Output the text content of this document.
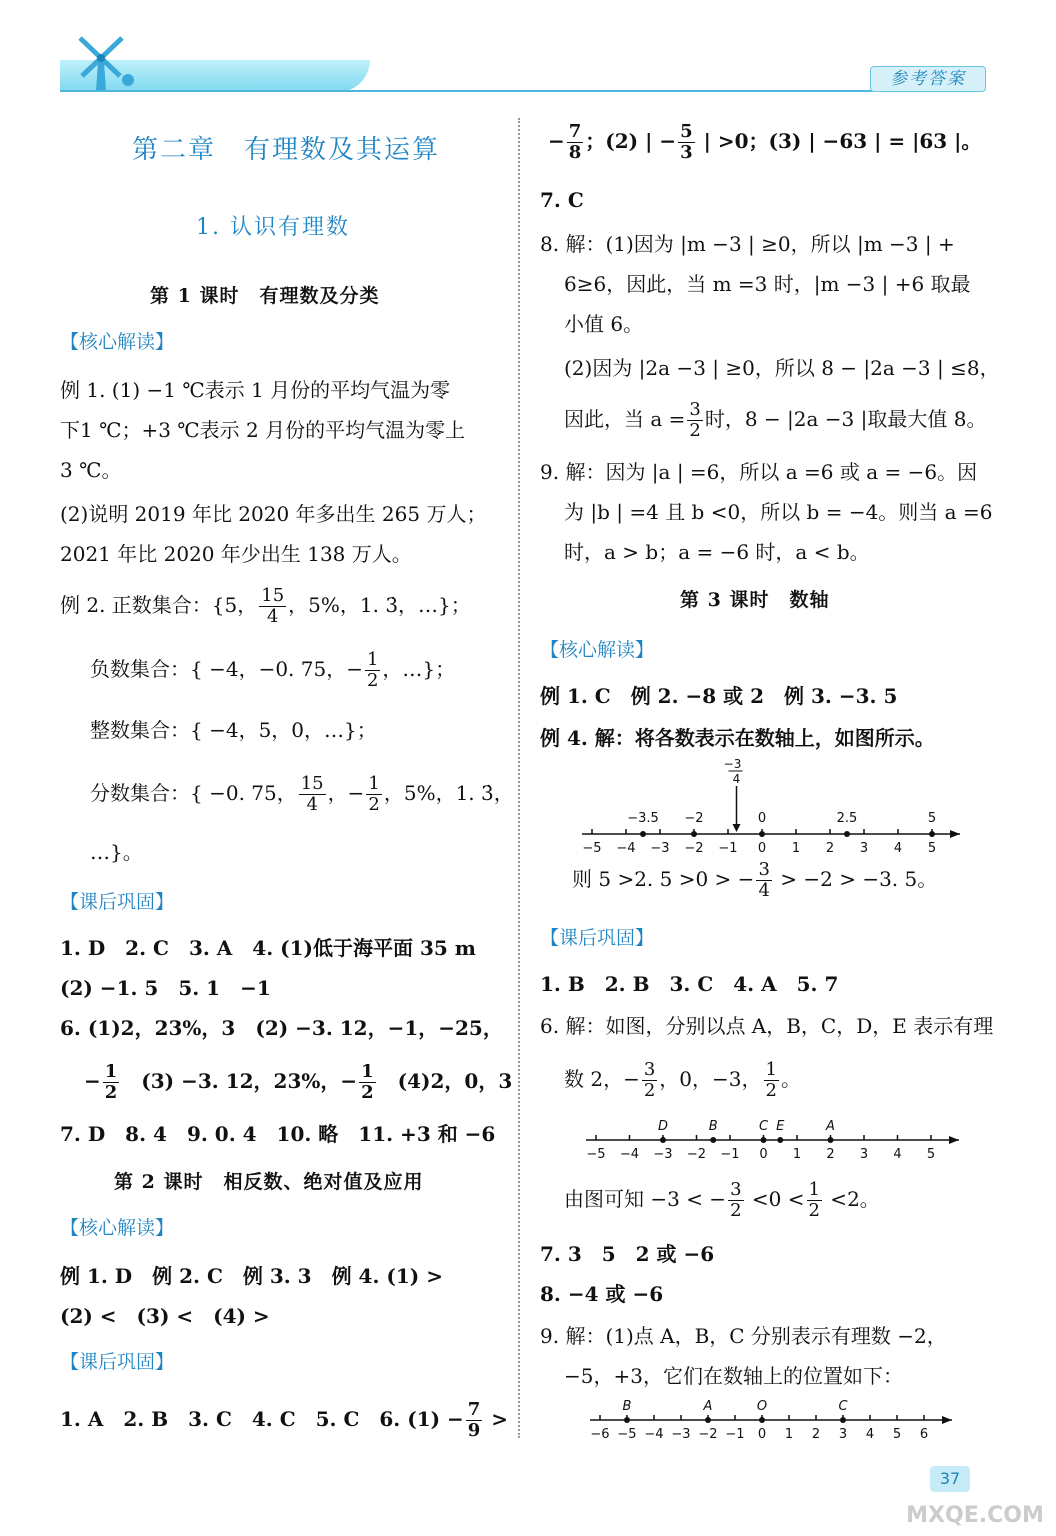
参考答案
第二章　有理数及其运算
1. 认识有理数
第 1 课时　有理数及分类
【核心解读】
例 1. (1) −1 ℃表示 1 月份的平均气温为零
下1 ℃；+3 ℃表示 2 月份的平均气温为零上
3 ℃。
(2)说明 2019 年比 2020 年多出生 265 万人；
2021 年比 2020 年少出生 138 万人。
例 2. 正数集合：{5， $\frac{15}{4}$ ，5%，1. 3̇，…}；
负数集合：{ −4，−0. 75，− $\frac{1}{2}$ ，…}；
整数集合：{ −4，5，0，…}；
分数集合：{ −0. 75， $\frac{15}{4}$ ，− $\frac{1}{2}$ ，5%，1. 3̇，
…}。
【课后巩固】
1. D　2. C　3. A　4. (1)低于海平面 35 m
(2) −1. 5　5. 1　−1
6. (1)2，23%，3　(2) −3. 12，−1，−25，
− $\frac{1}{2}$ 　(3) −3. 12，23%，− $\frac{1}{2}$ 　(4)2，0，3
7. D　8. 4　9. 0. 4　10. 略　11. +3 和 −6
第 2 课时　相反数、绝对值及应用
【核心解读】
例 1. D　例 2. C　例 3. 3　例 4. (1) >
(2) <　(3) <　(4) >
【课后巩固】
1. A　2. B　3. C　4. C　5. C　6. $(1) - \frac{7}{9}$ >
− $\frac{7}{8}$ ；(2) | − $\frac{5}{3}$ | >0；(3) | −63 | = |63 |。
7. C
8. 解：(1)因为 |m −3 | ≥0，所以 |m −3 | +
6≥6，因此，当 m =3 时，|m −3 | +6 取最
小值 6。
(2)因为 |2a −3 | ≥0，所以 8 − |2a −3 | ≤8，
因此，当 $a = \frac{3}{2}$ 时，8 − |2a −3 |取最大值 8。
9. 解：因为 |a | =6，所以 a =6 或 a = −6。因
为 |b | =4 且 b <0，所以 b = −4。则当 a =6
时，a > b；a = −6 时，a < b。
第 3 课时　数轴
【核心解读】
例 1. C　例 2. −8 或 2　例 3. −3. 5
例 4. 解：将各数表示在数轴上，如图所示。
−5 −4 −3 −2 −1 0 1 2 3 4 5
−3.5 −2	0	2.5	5
−3
4
则 5 >2. 5 >0 > − $\frac{3}{4} > -2 > -3$. 5。
【课后巩固】
1. B　2. B　3. C　4. A　5. 7
6. 解：如图，分别以点 A，B，C，D，E 表示有理
数 2，− $\frac{3}{2}$ ，0，−3， $\frac{1}{2}$ 。
−5 −4 −3 −2 −1 0 1 2 3 4 5
D	B	C E	A
由图可知 −3 < − $\frac{3}{2} <0 < \frac{1}{2} <2$。
7. 3　5　2 或 −6
8. −4 或 −6
9. 解：(1)点 A，B，C 分别表示有理数 −2，
−5，+3，它们在数轴上的位置如下：
−6 −5 −4 −3 −2 −1 0 1 2 3 4 5 6
B	A	O	C
37
MXQE.COM
